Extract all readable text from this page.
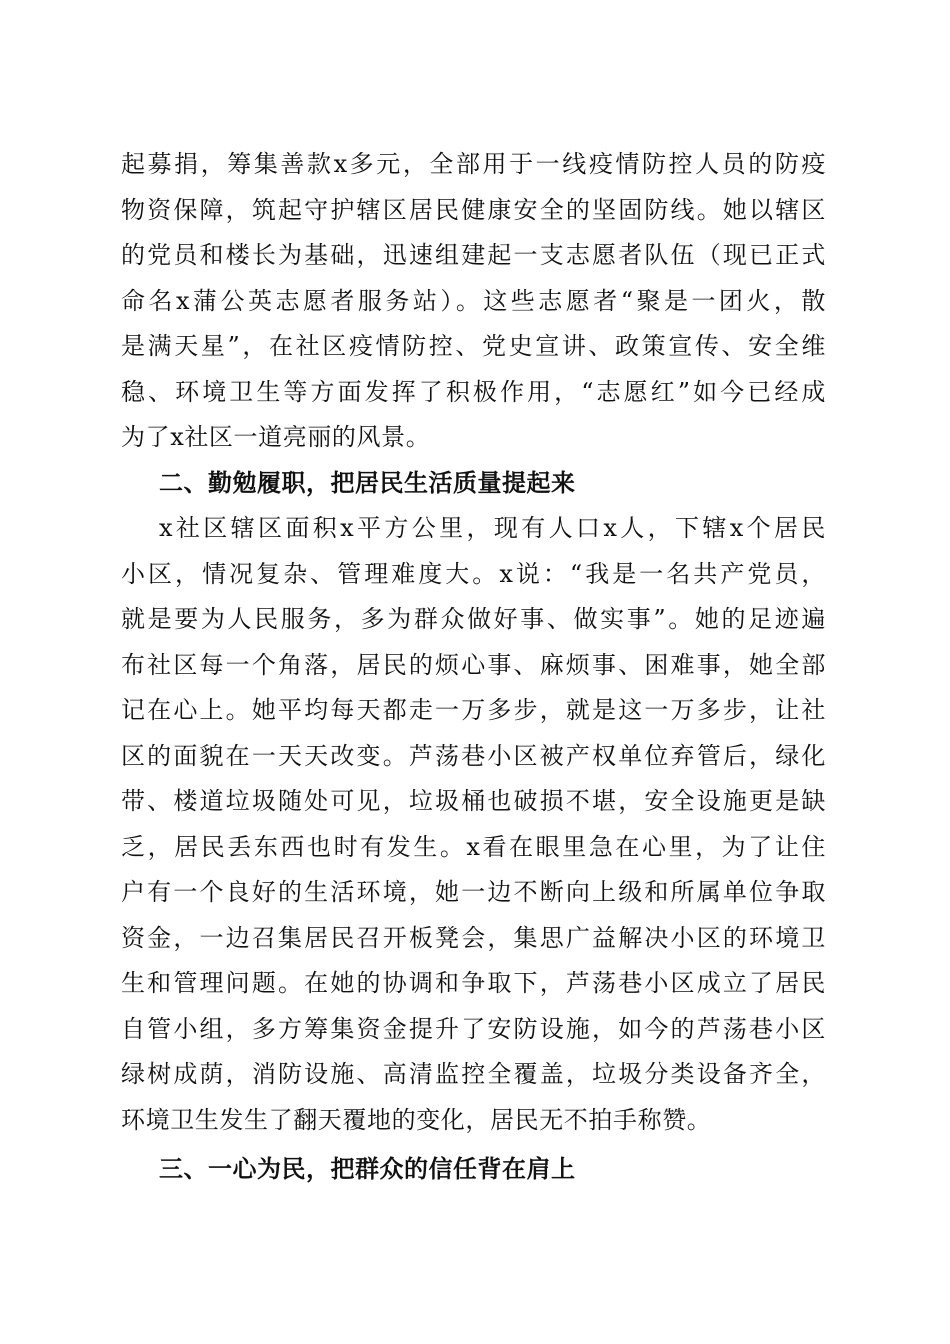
起募捐，筹集善款x多元，全部用于一线疫情防控人员的防疫
物资保障，筑起守护辖区居民健康安全的坚固防线。她以辖区
的党员和楼长为基础，迅速组建起一支志愿者队伍（现已正式
命名x蒲公英志愿者服务站）。这些志愿者“聚是一团火，散
是满天星”，在社区疫情防控、党史宣讲、政策宣传、安全维
稳、环境卫生等方面发挥了积极作用，“志愿红”如今已经成
为了x社区一道亮丽的风景。
二、勤勉履职，把居民生活质量提起来
x社区辖区面积x平方公里，现有人口x人，下辖x个居民
小区，情况复杂、管理难度大。x说：“我是一名共产党员，
就是要为人民服务，多为群众做好事、做实事”。她的足迹遍
布社区每一个角落，居民的烦心事、麻烦事、困难事，她全部
记在心上。她平均每天都走一万多步，就是这一万多步，让社
区的面貌在一天天改变。芦荡巷小区被产权单位弃管后，绿化
带、楼道垃圾随处可见，垃圾桶也破损不堪，安全设施更是缺
乏，居民丢东西也时有发生。x看在眼里急在心里，为了让住
户有一个良好的生活环境，她一边不断向上级和所属单位争取
资金，一边召集居民召开板凳会，集思广益解决小区的环境卫
生和管理问题。在她的协调和争取下，芦荡巷小区成立了居民
自管小组，多方筹集资金提升了安防设施，如今的芦荡巷小区
绿树成荫，消防设施、高清监控全覆盖，垃圾分类设备齐全，
环境卫生发生了翻天覆地的变化，居民无不拍手称赞。
三、一心为民，把群众的信任背在肩上
